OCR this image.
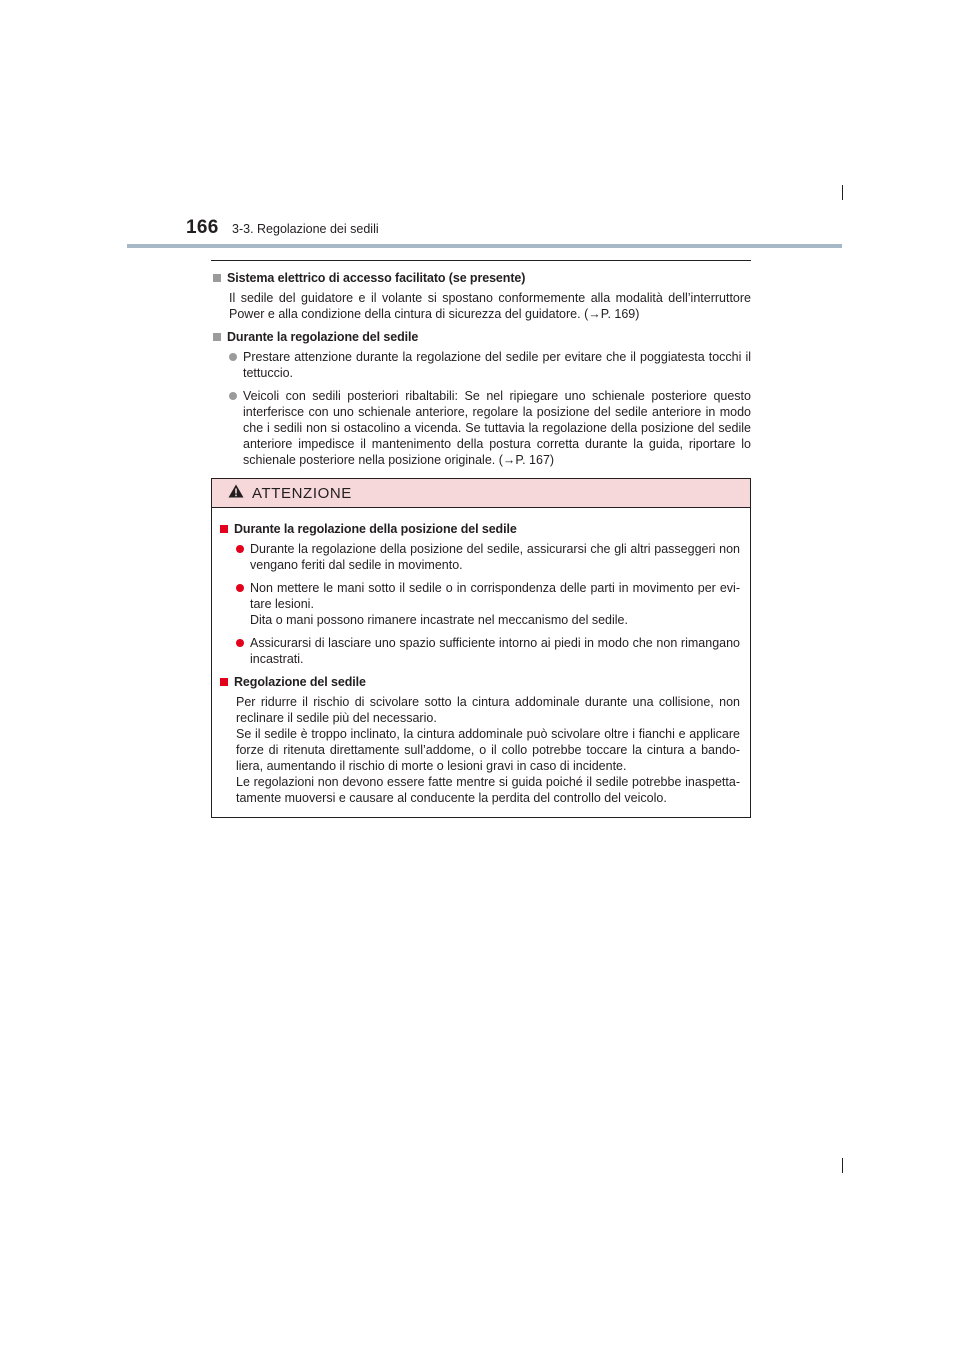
166 3-3. Regolazione dei sedili
Sistema elettrico di accesso facilitato (se presente)

Il sedile del guidatore e il volante si spostano conformemente alla modalità dell’interruttore Power e alla condizione della cintura di sicurezza del guidatore. (→P. 169)

Durante la regolazione del sedile
Prestare attenzione durante la regolazione del sedile per evitare che il poggiatesta tocchi il tettuccio.
Veicoli con sedili posteriori ribaltabili: Se nel ripiegare uno schienale posteriore questo interferisce con uno schienale anteriore, regolare la posizione del sedile anteriore in modo che i sedili non si ostacolino a vicenda. Se tuttavia la regolazione della posizione del sedile anteriore impedisce il mantenimento della postura corretta durante la guida, riportare lo schienale posteriore nella posizione originale. (→P. 167)
ATTENZIONE
Durante la regolazione della posizione del sedile
Durante la regolazione della posizione del sedile, assicurarsi che gli altri passeggeri non vengano feriti dal sedile in movimento.
Non mettere le mani sotto il sedile o in corrispondenza delle parti in movimento per evi-tare lesioni.
Dita o mani possono rimanere incastrate nel meccanismo del sedile.
Assicurarsi di lasciare uno spazio sufficiente intorno ai piedi in modo che non rimangano incastrati.
Regolazione del sedile
Per ridurre il rischio di scivolare sotto la cintura addominale durante una collisione, non reclinare il sedile più del necessario.
Se il sedile è troppo inclinato, la cintura addominale può scivolare oltre i fianchi e applicare forze di ritenuta direttamente sull’addome, o il collo potrebbe toccare la cintura a bando-liera, aumentando il rischio di morte o lesioni gravi in caso di incidente.
Le regolazioni non devono essere fatte mentre si guida poiché il sedile potrebbe inaspetta-tamente muoversi e causare al conducente la perdita del controllo del veicolo.
